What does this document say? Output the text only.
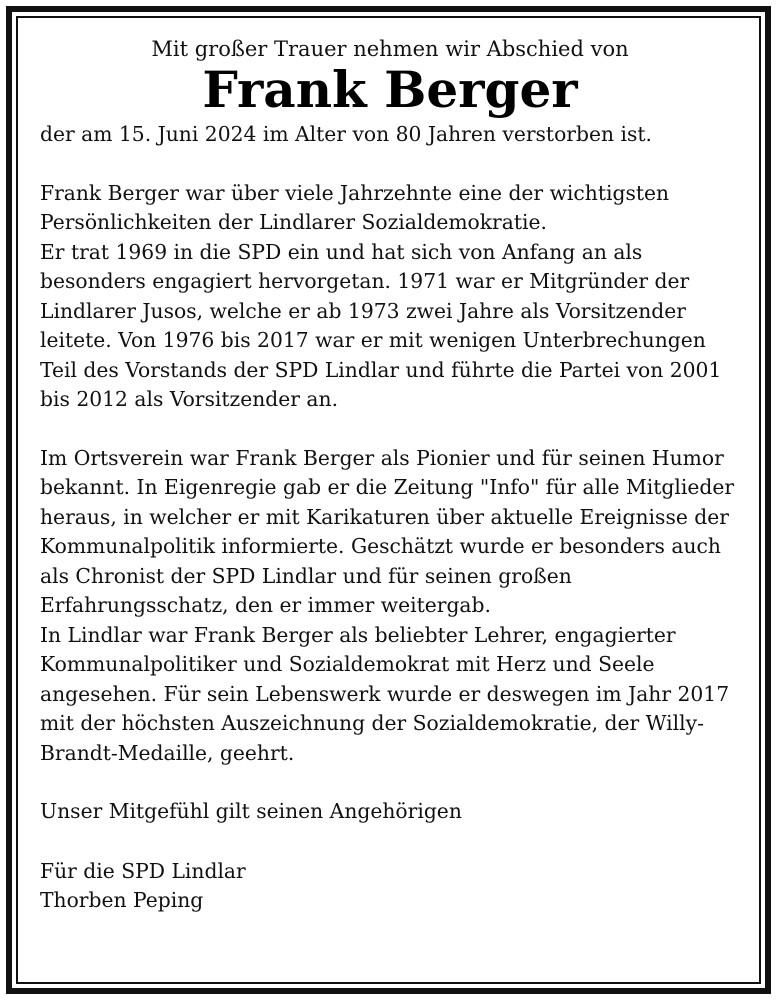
Mit großer Trauer nehmen wir Abschied von

Frank Berger
der am 15. Juni 2024 im Alter von 80 Jahren verstorben ist.
Frank Berger war über viele Jahrzehnte eine der wichtigsten
Persönlichkeiten der Lindlarer Sozialdemokratie.
Er trat 1969 in die SPD ein und hat sich von Anfang an als
besonders engagiert hervorgetan. 1971 war er Mitgründer der
Lindlarer Jusos, welche er ab 1973 zwei Jahre als Vorsitzender
leitete. Von 1976 bis 2017 war er mit wenigen Unterbrechungen
Teil des Vorstands der SPD Lindlar und führte die Partei von 2001
bis 2012 als Vorsitzender an.
Im Ortsverein war Frank Berger als Pionier und für seinen Humor
bekannt. In Eigenregie gab er die Zeitung "Info" für alle Mitglieder
heraus, in welcher er mit Karikaturen über aktuelle Ereignisse der
Kommunalpolitik informierte. Geschätzt wurde er besonders auch
als Chronist der SPD Lindlar und für seinen großen
Erfahrungsschatz, den er immer weitergab.
In Lindlar war Frank Berger als beliebter Lehrer, engagierter
Kommunalpolitiker und Sozialdemokrat mit Herz und Seele
angesehen. Für sein Lebenswerk wurde er deswegen im Jahr 2017
mit der höchsten Auszeichnung der Sozialdemokratie, der Willy-
Brandt-Medaille, geehrt.
Unser Mitgefühl gilt seinen Angehörigen
Für die SPD Lindlar
Thorben Peping
